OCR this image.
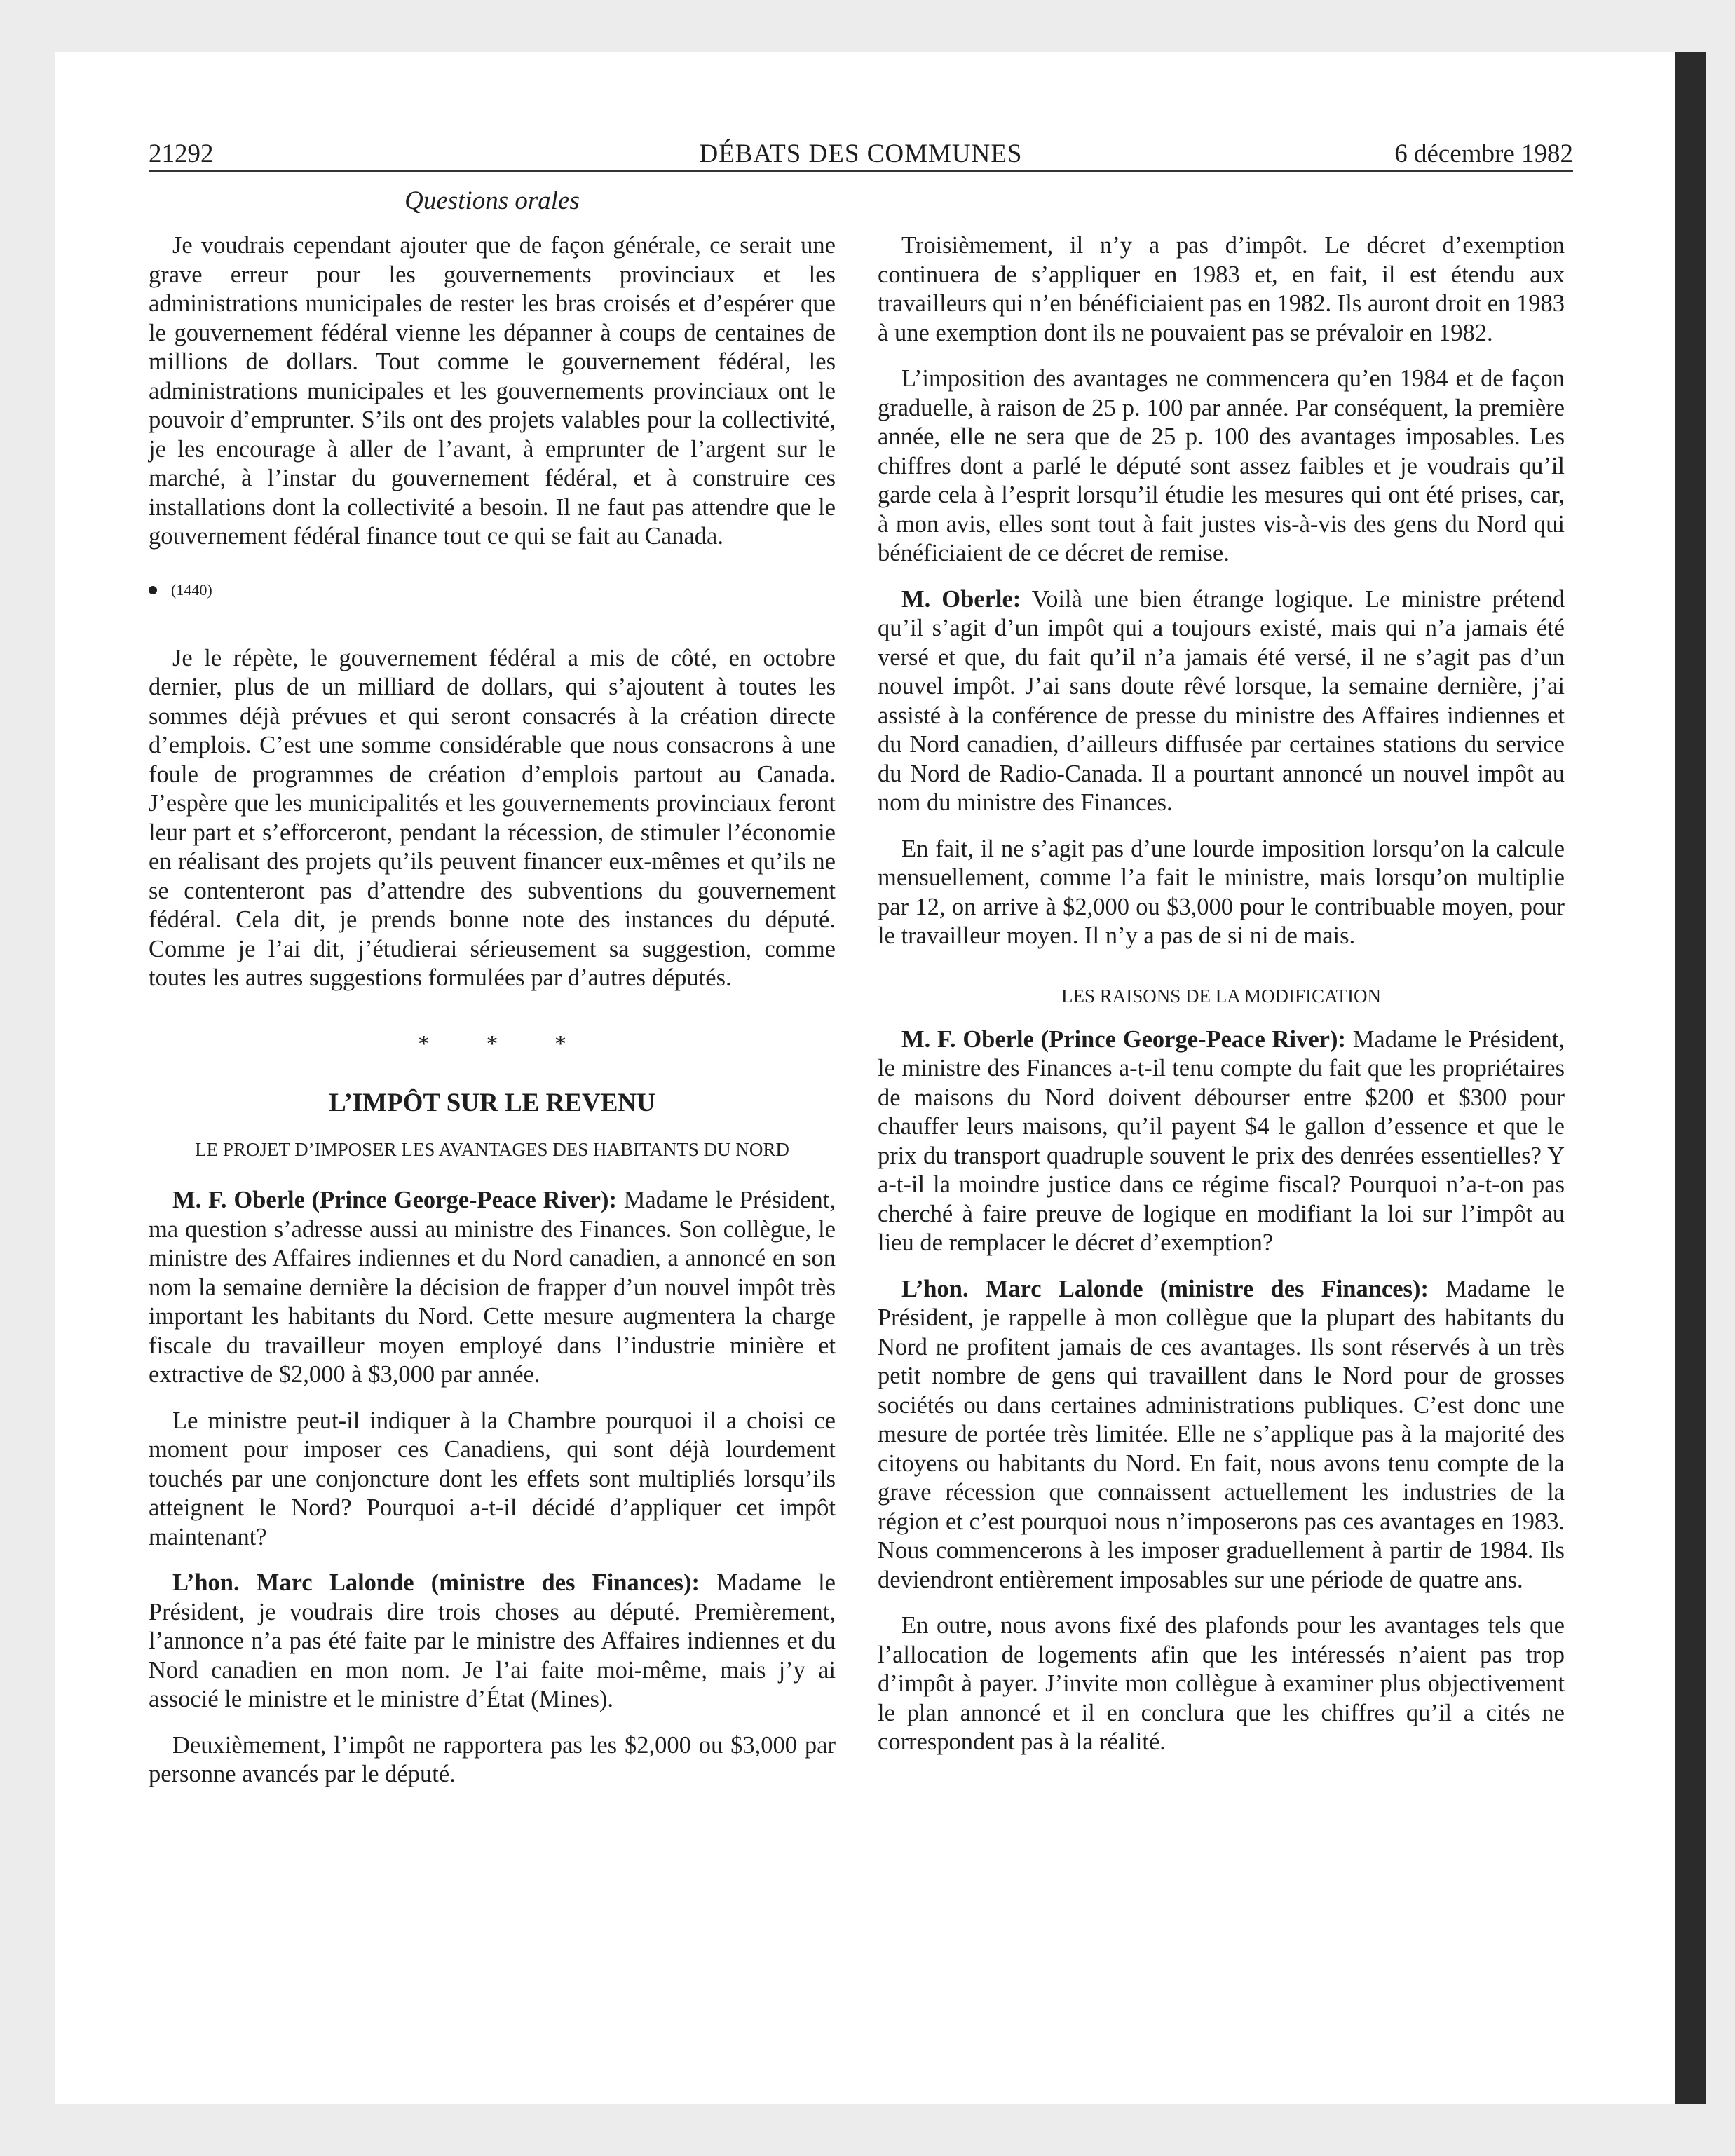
21292	DÉBATS DES COMMUNES	6 décembre 1982
Questions orales

Je voudrais cependant ajouter que de façon générale, ce serait une grave erreur pour les gouvernements provinciaux et les administrations municipales de rester les bras croisés et d’espérer que le gouvernement fédéral vienne les dépanner à coups de centaines de millions de dollars. Tout comme le gouvernement fédéral, les administrations municipales et les gouvernements provinciaux ont le pouvoir d’emprunter. S’ils ont des projets valables pour la collectivité, je les encourage à aller de l’avant, à emprunter de l’argent sur le marché, à l’instar du gouvernement fédéral, et à construire ces installations dont la collectivité a besoin. Il ne faut pas attendre que le gouvernement fédéral finance tout ce qui se fait au Canada.

(1440)

Je le répète, le gouvernement fédéral a mis de côté, en octobre dernier, plus de un milliard de dollars, qui s’ajoutent à toutes les sommes déjà prévues et qui seront consacrés à la création directe d’emplois. C’est une somme considérable que nous consacrons à une foule de programmes de création d’emplois partout au Canada. J’espère que les municipalités et les gouvernements provinciaux feront leur part et s’efforceront, pendant la récession, de stimuler l’économie en réalisant des projets qu’ils peuvent financer eux-mêmes et qu’ils ne se contenteront pas d’attendre des subventions du gouvernement fédéral. Cela dit, je prends bonne note des instances du député. Comme je l’ai dit, j’étudierai sérieusement sa suggestion, comme toutes les autres suggestions formulées par d’autres députés.

* * *
L’IMPÔT SUR LE REVENU
LE PROJET D’IMPOSER LES AVANTAGES DES HABITANTS DU NORD

M. F. Oberle (Prince George-Peace River): Madame le Président, ma question s’adresse aussi au ministre des Finances. Son collègue, le ministre des Affaires indiennes et du Nord canadien, a annoncé en son nom la semaine dernière la décision de frapper d’un nouvel impôt très important les habitants du Nord. Cette mesure augmentera la charge fiscale du travailleur moyen employé dans l’industrie minière et extractive de $2,000 à $3,000 par année.

Le ministre peut-il indiquer à la Chambre pourquoi il a choisi ce moment pour imposer ces Canadiens, qui sont déjà lourdement touchés par une conjoncture dont les effets sont multipliés lorsqu’ils atteignent le Nord? Pourquoi a-t-il décidé d’appliquer cet impôt maintenant?

L’hon. Marc Lalonde (ministre des Finances): Madame le Président, je voudrais dire trois choses au député. Premièrement, l’annonce n’a pas été faite par le ministre des Affaires indiennes et du Nord canadien en mon nom. Je l’ai faite moi-même, mais j’y ai associé le ministre et le ministre d’État (Mines).

Deuxièmement, l’impôt ne rapportera pas les $2,000 ou $3,000 par personne avancés par le député.

Troisièmement, il n’y a pas d’impôt. Le décret d’exemption continuera de s’appliquer en 1983 et, en fait, il est étendu aux travailleurs qui n’en bénéficiaient pas en 1982. Ils auront droit en 1983 à une exemption dont ils ne pouvaient pas se prévaloir en 1982.

L’imposition des avantages ne commencera qu’en 1984 et de façon graduelle, à raison de 25 p. 100 par année. Par conséquent, la première année, elle ne sera que de 25 p. 100 des avantages imposables. Les chiffres dont a parlé le député sont assez faibles et je voudrais qu’il garde cela à l’esprit lorsqu’il étudie les mesures qui ont été prises, car, à mon avis, elles sont tout à fait justes vis-à-vis des gens du Nord qui bénéficiaient de ce décret de remise.

M. Oberle: Voilà une bien étrange logique. Le ministre prétend qu’il s’agit d’un impôt qui a toujours existé, mais qui n’a jamais été versé et que, du fait qu’il n’a jamais été versé, il ne s’agit pas d’un nouvel impôt. J’ai sans doute rêvé lorsque, la semaine dernière, j’ai assisté à la conférence de presse du ministre des Affaires indiennes et du Nord canadien, d’ailleurs diffusée par certaines stations du service du Nord de Radio-Canada. Il a pourtant annoncé un nouvel impôt au nom du ministre des Finances.

En fait, il ne s’agit pas d’une lourde imposition lorsqu’on la calcule mensuellement, comme l’a fait le ministre, mais lorsqu’on multiplie par 12, on arrive à $2,000 ou $3,000 pour le contribuable moyen, pour le travailleur moyen. Il n’y a pas de si ni de mais.

LES RAISONS DE LA MODIFICATION

M. F. Oberle (Prince George-Peace River): Madame le Président, le ministre des Finances a-t-il tenu compte du fait que les propriétaires de maisons du Nord doivent débourser entre $200 et $300 pour chauffer leurs maisons, qu’il payent $4 le gallon d’essence et que le prix du transport quadruple souvent le prix des denrées essentielles? Y a-t-il la moindre justice dans ce régime fiscal? Pourquoi n’a-t-on pas cherché à faire preuve de logique en modifiant la loi sur l’impôt au lieu de remplacer le décret d’exemption?

L’hon. Marc Lalonde (ministre des Finances): Madame le Président, je rappelle à mon collègue que la plupart des habitants du Nord ne profitent jamais de ces avantages. Ils sont réservés à un très petit nombre de gens qui travaillent dans le Nord pour de grosses sociétés ou dans certaines administrations publiques. C’est donc une mesure de portée très limitée. Elle ne s’applique pas à la majorité des citoyens ou habitants du Nord. En fait, nous avons tenu compte de la grave récession que connaissent actuellement les industries de la région et c’est pourquoi nous n’imposerons pas ces avantages en 1983. Nous commencerons à les imposer graduellement à partir de 1984. Ils deviendront entièrement imposables sur une période de quatre ans.

En outre, nous avons fixé des plafonds pour les avantages tels que l’allocation de logements afin que les intéressés n’aient pas trop d’impôt à payer. J’invite mon collègue à examiner plus objectivement le plan annoncé et il en conclura que les chiffres qu’il a cités ne correspondent pas à la réalité.
